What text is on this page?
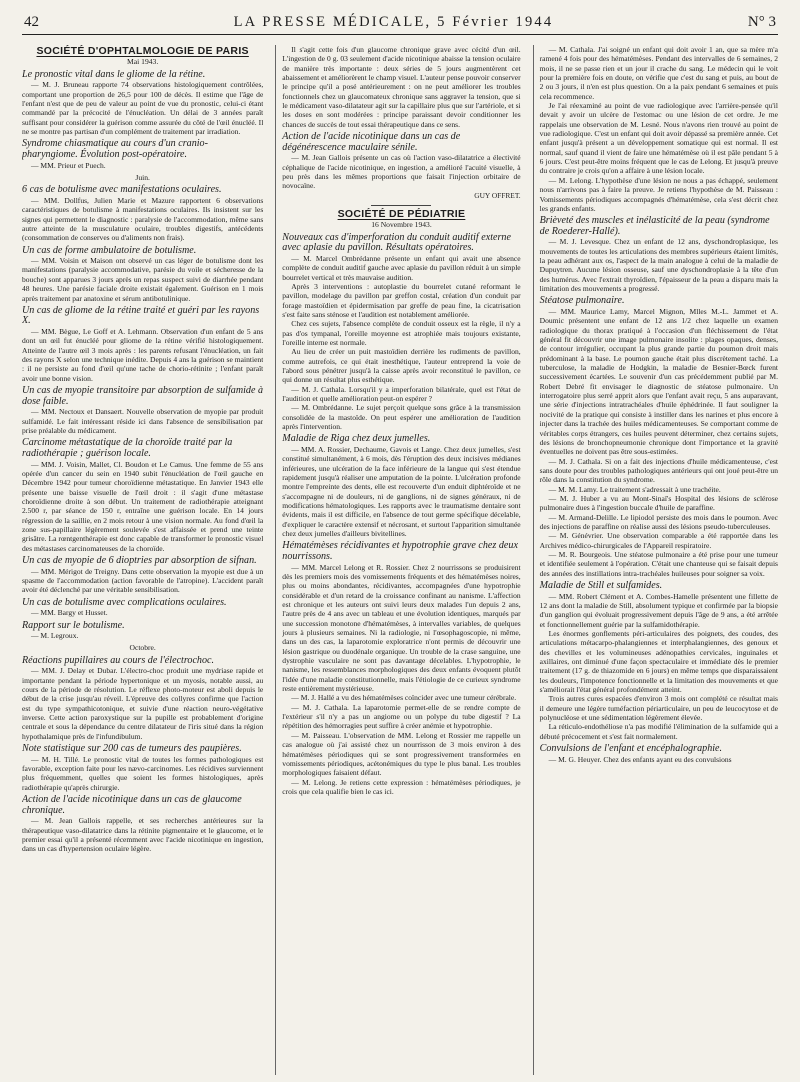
42	LA PRESSE MÉDICALE, 5 Février 1944	N° 3
SOCIÉTÉ D'OPHTALMOLOGIE DE PARIS
Mai 1943.

Le pronostic vital dans le gliome de la rétine.

— M. J. Bruneau rapporte 74 observations histologiquement contrôlées, comportant une proportion de 26,5 pour 100 de décès. Il estime que l'âge de l'enfant n'est que de peu de valeur au point de vue du pronostic, celui-ci étant commandé par la précocité de l'énucléation. Un délai de 3 années paraît suffisant pour considérer la guérison comme assurée du côté de l'œil énucléé. Il ne se montre pas partisan d'un complément de traitement par irradiation.

Syndrome chiasmatique au cours d'un cranio-pharyngiome. Évolution post-opératoire.

— MM. Prieur et Puech.

Juin.

6 cas de botulisme avec manifestations oculaires.

— MM. Dollfus, Julien Marie et Mazure rapportent 6 observations caractéristiques de botulisme à manifestations oculaires. Ils insistent sur les signes qui permettent le diagnostic : paralysie de l'accommodation, même sans autre atteinte de la musculature oculaire, troubles digestifs, antécédents (consommation de conserves ou d'aliments non frais).

Un cas de forme ambulatoire de botulisme.

— MM. Voisin et Maison ont observé un cas léger de botulisme dont les manifestations (paralysie accommodative, parésie du voile et sécheresse de la bouche) sont apparues 3 jours après un repas suspect suivi de diarrhée pendant 48 heures. Une parésie faciale droite existait également. Guérison en 1 mois après traitement par anatoxine et sérum antibotulinique.

Un cas de gliome de la rétine traité et guéri par les rayons X.

— MM. Bègue, Le Goff et A. Lehmann. Observation d'un enfant de 5 ans dont un œil fut énucléé pour gliome de la rétine vérifié histologiquement. Atteinte de l'autre œil 3 mois après : les parents refusant l'énucléation, un fait des rayons X selon une technique inédite. Depuis 4 ans la guérison se maintient : il ne persiste au fond d'œil qu'une tache de chorio-rétinite ; l'enfant paraît avoir une bonne vision.

Un cas de myopie transitoire par absorption de sulfamide à dose faible.

— MM. Nectoux et Dansaert. Nouvelle observation de myopie par produit sulfamidé. Le fait intéressant réside ici dans l'absence de sensibilisation par prise préalable du médicament.

Carcinome métastatique de la choroïde traité par la radiothérapie ; guérison locale.

— MM. J. Voisin, Mallet, Cl. Boudon et Le Camus. Une femme de 55 ans opérée d'un cancer du sein en 1940 subit l'énucléation de l'œil gauche en Décembre 1942 pour tumeur choroïdienne métastatique. En Janvier 1943 elle présente une baisse visuelle de l'œil droit : il s'agit d'une métastase choroïdienne droite à son début. Un traitement de radiothérapie atteignant 2.500 r, par séance de 150 r, entraîne une guérison locale. En 14 jours régression de la saillie, en 2 mois retour à une vision normale. Au fond d'œil la zone sus-papillaire légèrement soulevée s'est affaissée et prend une teinte grisâtre. La rœntgenthérapie est donc capable de transformer le pronostic visuel des métastases carcinomateuses de la choroïde.

Un cas de myopie de 6 dioptries par absorption de sifnan.

— MM. Mérigot de Treigny. Dans cette observation la myopie est due à un spasme de l'accommodation (action favorable de l'atropine). L'accident paraît avoir été déclenché par une véritable sensibilisation.

Un cas de botulisme avec complications oculaires.

— MM. Bargy et Husset.

Rapport sur le botulisme.

— M. Legroux.

Octobre.

Réactions pupillaires au cours de l'électrochoc.

— MM. J. Delay et Dubar. L'électro-choc produit une mydriase rapide et importante pendant la période hypertonique et un myosis, notable aussi, au cours de la période de résolution. Le réflexe photo-moteur est aboli depuis le début de la crise jusqu'au réveil. L'épreuve des collyres confirme que l'action est du type sympathicotonique, et suivie d'une réaction neuro-végétative inverse. Cette action paroxystique sur la pupille est probablement d'origine centrale et sous la dépendance du centre dilatateur de l'iris situé dans la région hypothalamique près de l'infundibulum.

Note statistique sur 200 cas de tumeurs des paupières.

— M. H. Tillé. Le pronostic vital de toutes les formes pathologiques est favorable, exception faite pour les nævo-carcinomes. Les récidives surviennent plus fréquemment, quelles que soient les formes histologiques, après radiothérapie qu'après chirurgie.

Action de l'acide nicotinique dans un cas de glaucome chronique.

— M. Jean Gallois rappelle, et ses recherches antérieures sur la thérapeutique vaso-dilatatrice dans la rétinite pigmentaire et le glaucome, et le premier essai qu'il a présenté récemment avec l'acide nicotinique en ingestion, dans un cas d'hypertension oculaire légère.

Il s'agit cette fois d'un glaucome chronique grave avec cécité d'un œil. L'ingestion de 0 g. 03 seulement d'acide nicotinique abaisse la tension oculaire de manière très importante : deux séries de 5 jours augmentèrent cet abaissement et améliorèrent le champ visuel. L'auteur pense pouvoir conserver le principe qu'il a posé antérieurement : on ne peut améliorer les troubles fonctionnels chez un glaucomateux chronique sans aggraver la tension, que si le médicament vaso-dilatateur agit sur la capillaire plus que sur l'artériole, et si les doses en sont modérées : principe paraissant devoir conditionner les chances de succès de tout essai thérapeutique dans ce sens.

Action de l'acide nicotinique dans un cas de dégénérescence maculaire sénile.

— M. Jean Gallois présente un cas où l'action vaso-dilatatrice a électivité céphalique de l'acide nicotinique, en ingestion, a amélioré l'acuité visuelle, à peu près dans les mêmes proportions que faisait l'injection orbitaire de novocaïne.

GUY OFFRET.
SOCIÉTÉ DE PÉDIATRIE
16 Novembre 1943.

Nouveaux cas d'imperforation du conduit auditif externe avec aplasie du pavillon. Résultats opératoires.

— M. Marcel Ombrédanne présente un enfant qui avait une absence complète de conduit auditif gauche avec aplasie du pavillon réduit à un simple bourrelet vertical et très mauvaise audition.

Après 3 interventions : autoplastie du bourrelet cutané reformant le pavillon, modelage du pavillon par greffon costal, création d'un conduit par forage mastoïdien et épidermisation par greffe de peau fine, la cicatrisation s'est faite sans sténose et l'audition est notablement améliorée.

Chez ces sujets, l'absence complète de conduit osseux est la règle, il n'y a pas d'os tympanal, l'oreille moyenne est atrophiée mais toujours existante, l'oreille interne est normale.

Au lieu de créer un puit mastoïdien derrière les rudiments de pavillon, comme autrefois, ce qui était inesthétique, l'auteur entreprend la voie de l'abord sous pénétrer jusqu'à la caisse après avoir reconstitué le pavillon, ce qui donne un résultat plus esthétique.

— M. J. Cathala. Lorsqu'il y a imperforation bilatérale, quel est l'état de l'audition et quelle amélioration peut-on espérer ?

— M. Ombrédanne. Le sujet perçoit quelque sons grâce à la transmission consolidée de la mastoïde. On peut espérer une amélioration de l'audition après l'intervention.

Maladie de Riga chez deux jumelles.

— MM. A. Rossier, Dechaume, Gavois et Lange. Chez deux jumelles, s'est constitué simultanément, à 6 mois, dès l'éruption des deux incisives médianes inférieures, une ulcération de la face inférieure de la langue qui s'est étendue rapidement jusqu'à réaliser une amputation de la pointe. L'ulcération profonde montre l'empreinte des dents, elle est recouverte d'un enduit diphtéroïde et ne s'accompagne ni de douleurs, ni de ganglions, ni de signes généraux, ni de modifications hématologiques. Les rapports avec le traumatisme dentaire sont évidents, mais il est difficile, en l'absence de tout germe spécifique décelable, d'expliquer le caractère extensif et nécrosant, et surtout l'apparition simultanée chez deux jumelles d'ailleurs bivitellines.

Hématémèses récidivantes et hypotrophie grave chez deux nourrissons.

— MM. Marcel Lelong et R. Rossier. Chez 2 nourrissons se produisirent dès les premiers mois des vomissements fréquents et des hématémèses noires, plus ou moins abondantes, récidivantes, accompagnées d'une hypotrophie considérable et d'un retard de la croissance confinant au nanisme. L'affection est chronique et les auteurs ont suivi leurs deux malades l'un depuis 2 ans, l'autre près de 4 ans avec un tableau et une évolution identiques, marqués par une succession monotone d'hématémèses, à intervalles variables, de quelques jours à plusieurs semaines. Ni la radiologie, ni l'œsophagoscopie, ni même, dans un des cas, la laparotomie exploratrice n'ont permis de découvrir une lésion gastrique ou duodénale organique. Un trouble de la crase sanguine, une dystrophie vasculaire ne sont pas davantage décelables. L'hypotrophie, le nanisme, les ressemblances morphologiques des deux enfants évoquent plutôt l'idée d'une maladie constitutionnelle, mais l'étiologie de ce curieux syndrome reste entièrement mystérieuse.

— M. J. Hallé a vu des hématémèses coïncider avec une tumeur cérébrale.

— M. J. Cathala. La laparotomie permet-elle de se rendre compte de l'extérieur s'il n'y a pas un angiome ou un polype du tube digestif ? La répétition des hémorragies peut suffire à créer anémie et hypotrophie.

— M. Paisseau. L'observation de MM. Lelong et Rossier me rappelle un cas analogue où j'ai assisté chez un nourrisson de 3 mois environ à des hématémèses périodiques qui se sont progressivement transformées en vomissements périodiques, acétonémiques du type le plus banal. Les troubles morphologiques faisaient défaut.

— M. Lelong. Je retiens cette expression : hématémèses périodiques, je crois que cela qualifie bien le cas ici.

— M. Cathala. J'ai soigné un enfant qui doit avoir 1 an, que sa mère m'a ramené 4 fois pour des hématémèses. Pendant des intervalles de 6 semaines, 2 mois, il ne se passe rien et un jour il crache du sang. Le médecin qui le voit pour la première fois en doute, on vérifie que c'est du sang et puis, au bout de 2 ou 3 jours, il n'en est plus question. On a la paix pendant 6 semaines et puis cela recommence.

Je l'ai réexaminé au point de vue radiologique avec l'arrière-pensée qu'il devait y avoir un ulcère de l'estomac ou une lésion de cet ordre. Je me rappelais une observation de M. Lesné. Nous n'avons rien trouvé au point de vue radiologique. C'est un enfant qui doit avoir dépassé sa première année. Cet enfant jusqu'à présent a un développement somatique qui est normal. Il est normal, sauf quand il vient de faire une hématémèse où il est pâle pendant 5 à 6 jours. C'est peut-être moins fréquent que le cas de Lelong. Et jusqu'à preuve du contraire je crois qu'on a affaire à une lésion locale.

— M. Lelong. L'hypothèse d'une lésion ne nous a pas échappé, seulement nous n'arrivons pas à faire la preuve. Je retiens l'hypothèse de M. Paisseau : Vomissements périodiques accompagnés d'hématémèse, cela s'est décrit chez les grands enfants.

Brièveté des muscles et inélasticité de la peau (syndrome de Roederer-Hallé).

— M. J. Levesque. Chez un enfant de 12 ans, dyschondroplasique, les mouvements de toutes les articulations des membres supérieurs étaient limités, la peau adhérant aux os, l'aspect de la main analogue à celui de la maladie de Dupuytren. Aucune lésion osseuse, sauf une dyschondroplasie à la tête d'un des humérus. Avec l'extrait thyroïdien, l'épaisseur de la peau a disparu mais la limitation des mouvements a progressé.

Stéatose pulmonaire.

— MM. Maurice Lamy, Marcel Mignon, Mlles M.-L. Jammet et A. Doumic présentent une enfant de 12 ans 1/2 chez laquelle un examen radiologique du thorax pratiqué à l'occasion d'un fléchissement de l'état général fit découvrir une image pulmonaire insolite : plages opaques, denses, de contour irrégulier, occupant la plus grande partie du poumon droit mais prédominant à la base. Le poumon gauche était plus discrètement taché. La tuberculose, la maladie de Hodgkin, la maladie de Besnier-Bœck furent successivement écartées. Le souvenir d'un cas précédemment publié par M. Robert Debré fit envisager le diagnostic de stéatose pulmonaire. Un interrogatoire plus serré apprit alors que l'enfant avait reçu, 5 ans auparavant, une série d'injections intratrachéales d'huile éphédrinée. Il faut souligner la nocivité de la pratique qui consiste à instiller dans les narines et plus encore à injecter dans la trachée des huiles médicamenteuses. Se comportant comme de véritables corps étrangers, ces huiles peuvent déterminer, chez certains sujets, des lésions de bronchopneumonie chronique dont l'importance et la gravité éventuelles ne doivent pas être sous-estimées.

— M. J. Cathala. Si on a fait des injections d'huile médicamenteuse, c'est sans doute pour des troubles pathologiques antérieurs qui ont joué peut-être un rôle dans la constitution du syndrome.

— M. M. Lamy. Le traitement s'adressait à une trachéite.

— M. J. Huber a vu au Mont-Sinaï's Hospital des lésions de sclérose pulmonaire dues à l'ingestion buccale d'huile de paraffine.

— M. Armand-Delille. Le lipiodol persiste des mois dans le poumon. Avec des injections de paraffine on réalise aussi des lésions pseudo-tuberculeuses.

— M. Génévrier. Une observation comparable a été rapportée dans les Archives médico-chirurgicales de l'Appareil respiratoire.

— M. R. Bourgeois. Une stéatose pulmonaire a été prise pour une tumeur et identifiée seulement à l'opération. C'était une chanteuse qui se faisait depuis des années des instillations intra-trachéales huileuses pour soigner sa voix.

Maladie de Still et sulfamides.

— MM. Robert Clément et A. Combes-Hamelle présentent une fillette de 12 ans dont la maladie de Still, absolument typique et confirmée par la biopsie d'un ganglion qui évoluait progressivement depuis l'âge de 9 ans, a été arrêtée et fonctionnellement guérie par la sulfamidothérapie.

Les énormes gonflements péri-articulaires des poignets, des coudes, des articulations métacarpo-phalangiennes et interphalangiennes, des genoux et des chevilles et les volumineuses adénopathies cervicales, inguinales et axillaires, ont diminué d'une façon spectaculaire et immédiate dès le premier traitement (17 g. de thiazomide en 6 jours) en même temps que disparaissaient les douleurs, l'impotence fonctionnelle et la limitation des mouvements et que s'améliorait l'état général profondément atteint.

Trois autres cures espacées d'environ 3 mois ont complété ce résultat mais il demeure une légère tuméfaction périarticulaire, un peu de leucocytose et de polynucléose et une sédimentation légèrement élevée.

La réticulo-endothéliose n'a pas modifié l'élimination de la sulfamide qui a débuté précocement et s'est fait normalement.

Convulsions de l'enfant et encéphalographie.

— M. G. Heuyer. Chez des enfants ayant eu des convulsions
